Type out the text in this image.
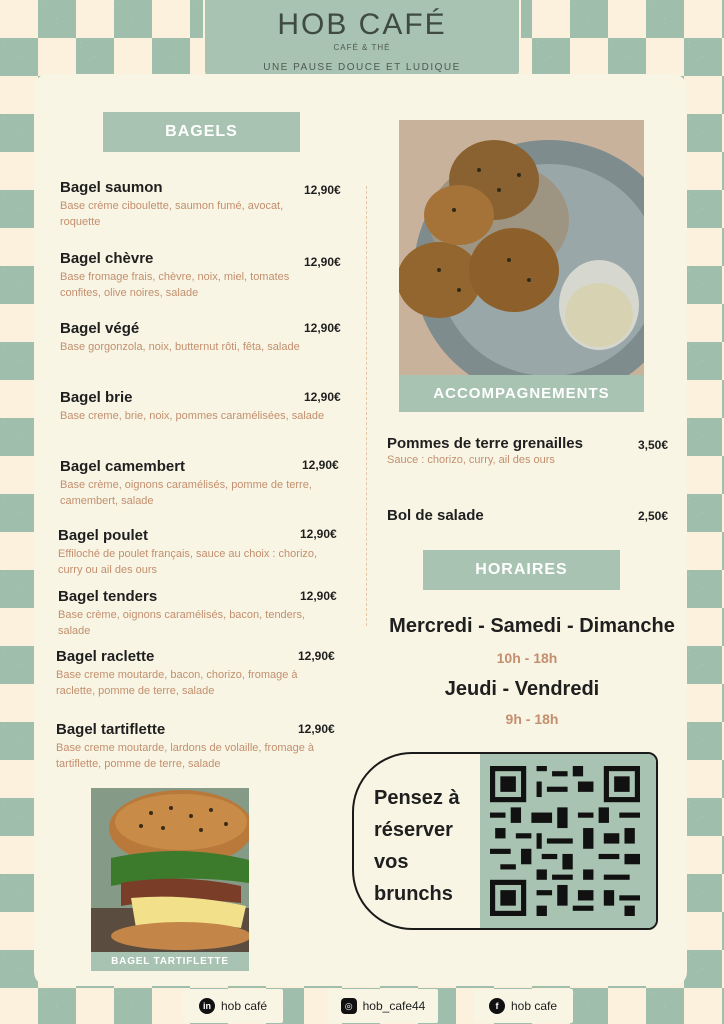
HOB CAFÉ
CAFÉ & THÉ
UNE PAUSE DOUCE ET LUDIQUE
BAGELS
Bagel saumon
Base crème ciboulette, saumon fumé, avocat, roquette
12,90€
Bagel chèvre
Base fromage frais, chèvre, noix, miel, tomates confites, olive noires, salade
12,90€
Bagel végé
Base gorgonzola, noix, butternut rôti, fêta, salade
12,90€
Bagel brie
Base creme, brie, noix, pommes caramélisées, salade
12,90€
Bagel camembert
Base crème, oignons caramélisés, pomme de terre, camembert, salade
12,90€
Bagel poulet
Effiloché de poulet français, sauce au choix : chorizo, curry ou ail des ours
12,90€
Bagel tenders
Base crème, oignons caramélisés, bacon, tenders, salade
12,90€
Bagel raclette
Base creme moutarde, bacon, chorizo, fromage à raclette, pomme de terre, salade
12,90€
Bagel tartiflette
Base creme moutarde, lardons de volaille, fromage à tartiflette, pomme de terre, salade
12,90€
BAGEL TARTIFLETTE
ACCOMPAGNEMENTS
Pommes de terre grenailles
Sauce : chorizo, curry, ail des ours
3,50€
Bol de salade	2,50€
HORAIRES
Mercredi - Samedi - Dimanche
10h - 18h
Jeudi - Vendredi
9h - 18h
Pensez à
réserver
vos
brunchs
in hob café	◎ hob_cafe44	f	hob cafe
